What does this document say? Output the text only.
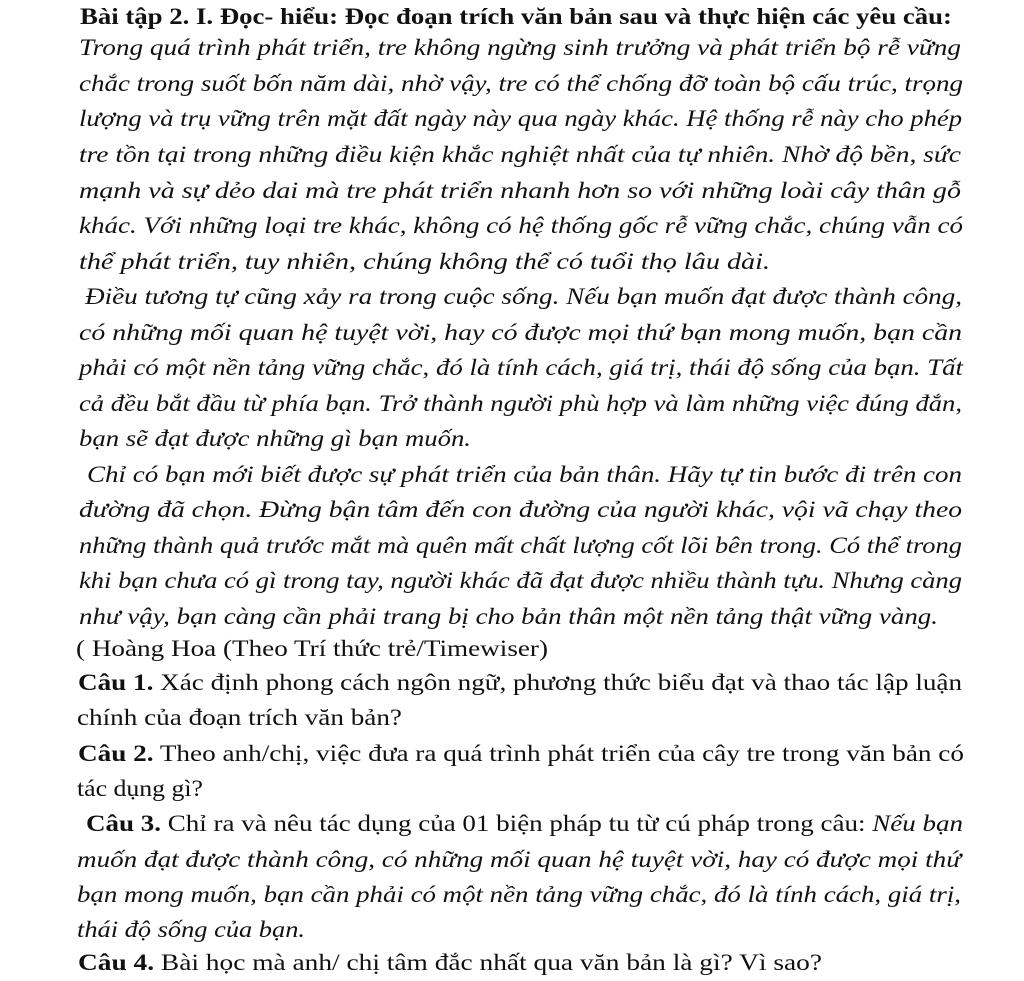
Bài tập 2. I. Đọc- hiểu: Đọc đoạn trích văn bản sau và thực hiện các yêu cầu:
Trong quá trình phát triển, tre không ngừng sinh trưởng và phát triển bộ rễ vững
chắc trong suốt bốn năm dài, nhờ vậy, tre có thể chống đỡ toàn bộ cấu trúc, trọng
lượng và trụ vững trên mặt đất ngày này qua ngày khác. Hệ thống rễ này cho phép
tre tồn tại trong những điều kiện khắc nghiệt nhất của tự nhiên. Nhờ độ bền, sức
mạnh và sự dẻo dai mà tre phát triển nhanh hơn so với những loài cây thân gỗ
khác. Với những loại tre khác, không có hệ thống gốc rễ vững chắc, chúng vẫn có
thể phát triển, tuy nhiên, chúng không thể có tuổi thọ lâu dài.
Điều tương tự cũng xảy ra trong cuộc sống. Nếu bạn muốn đạt được thành công,
có những mối quan hệ tuyệt vời, hay có được mọi thứ bạn mong muốn, bạn cần
phải có một nền tảng vững chắc, đó là tính cách, giá trị, thái độ sống của bạn. Tất
cả đều bắt đầu từ phía bạn. Trở thành người phù hợp và làm những việc đúng đắn,
bạn sẽ đạt được những gì bạn muốn.
Chỉ có bạn mới biết được sự phát triển của bản thân. Hãy tự tin bước đi trên con
đường đã chọn. Đừng bận tâm đến con đường của người khác, vội vã chạy theo
những thành quả trước mắt mà quên mất chất lượng cốt lõi bên trong. Có thể trong
khi bạn chưa có gì trong tay, người khác đã đạt được nhiều thành tựu. Nhưng càng
như vậy, bạn càng cần phải trang bị cho bản thân một nền tảng thật vững vàng.
( Hoàng Hoa (Theo Trí thức trẻ/Timewiser)
Câu 1. Xác định phong cách ngôn ngữ, phương thức biểu đạt và thao tác lập luận
chính của đoạn trích văn bản?
Câu 2. Theo anh/chị, việc đưa ra quá trình phát triển của cây tre trong văn bản có
tác dụng gì?
Câu 3. Chỉ ra và nêu tác dụng của 01 biện pháp tu từ cú pháp trong câu: Nếu bạn
muốn đạt được thành công, có những mối quan hệ tuyệt vời, hay có được mọi thứ
bạn mong muốn, bạn cần phải có một nền tảng vững chắc, đó là tính cách, giá trị,
thái độ sống của bạn.
Câu 4. Bài học mà anh/ chị tâm đắc nhất qua văn bản là gì? Vì sao?
